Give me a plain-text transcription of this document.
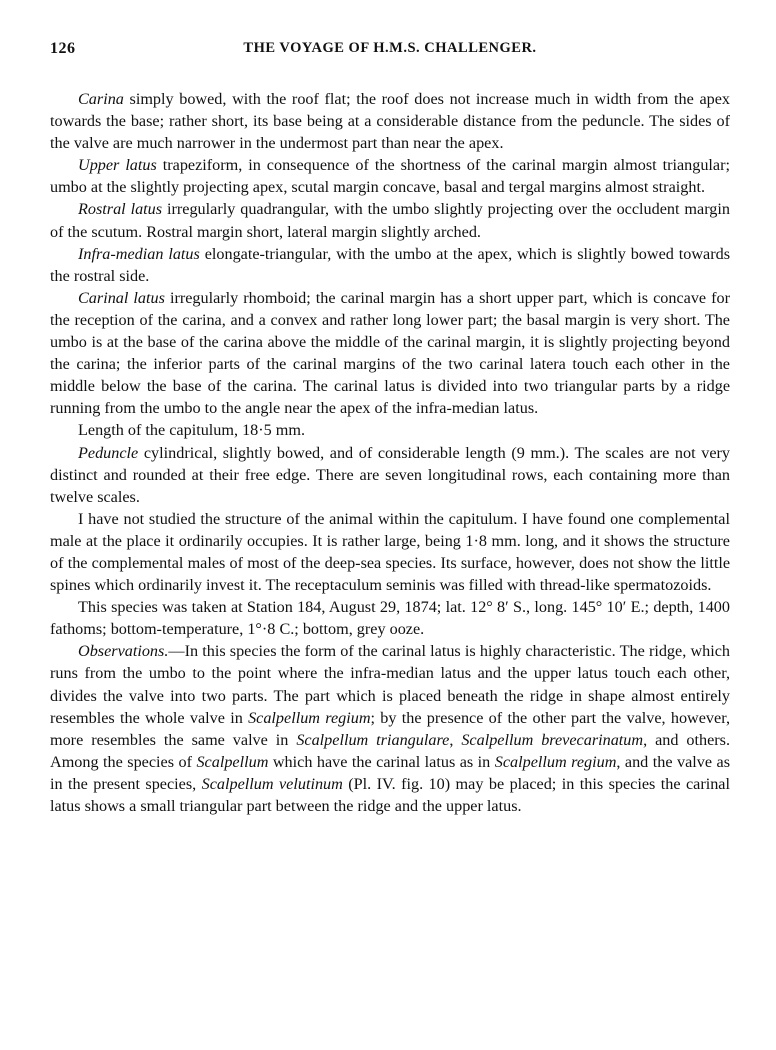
126	THE VOYAGE OF H.M.S. CHALLENGER.

Carina simply bowed, with the roof flat; the roof does not increase much in width from the apex towards the base; rather short, its base being at a considerable distance from the peduncle. The sides of the valve are much narrower in the undermost part than near the apex.

Upper latus trapeziform, in consequence of the shortness of the carinal margin almost triangular; umbo at the slightly projecting apex, scutal margin concave, basal and tergal margins almost straight.

Rostral latus irregularly quadrangular, with the umbo slightly projecting over the occludent margin of the scutum. Rostral margin short, lateral margin slightly arched.

Infra-median latus elongate-triangular, with the umbo at the apex, which is slightly bowed towards the rostral side.

Carinal latus irregularly rhomboid; the carinal margin has a short upper part, which is concave for the reception of the carina, and a convex and rather long lower part; the basal margin is very short. The umbo is at the base of the carina above the middle of the carinal margin, it is slightly projecting beyond the carina; the inferior parts of the carinal margins of the two carinal latera touch each other in the middle below the base of the carina. The carinal latus is divided into two triangular parts by a ridge running from the umbo to the angle near the apex of the infra-median latus.

Length of the capitulum, 18·5 mm.

Peduncle cylindrical, slightly bowed, and of considerable length (9 mm.). The scales are not very distinct and rounded at their free edge. There are seven longitudinal rows, each containing more than twelve scales.

I have not studied the structure of the animal within the capitulum. I have found one complemental male at the place it ordinarily occupies. It is rather large, being 1·8 mm. long, and it shows the structure of the complemental males of most of the deep-sea species. Its surface, however, does not show the little spines which ordinarily invest it. The receptaculum seminis was filled with thread-like spermatozoids.

This species was taken at Station 184, August 29, 1874; lat. 12° 8′ S., long. 145° 10′ E.; depth, 1400 fathoms; bottom-temperature, 1°·8 C.; bottom, grey ooze.

Observations.—In this species the form of the carinal latus is highly characteristic. The ridge, which runs from the umbo to the point where the infra-median latus and the upper latus touch each other, divides the valve into two parts. The part which is placed beneath the ridge in shape almost entirely resembles the whole valve in Scalpellum regium; by the presence of the other part the valve, however, more resembles the same valve in Scalpellum triangulare, Scalpellum brevecarinatum, and others. Among the species of Scalpellum which have the carinal latus as in Scalpellum regium, and the valve as in the present species, Scalpellum velutinum (Pl. IV. fig. 10) may be placed; in this species the carinal latus shows a small triangular part between the ridge and the upper latus.
